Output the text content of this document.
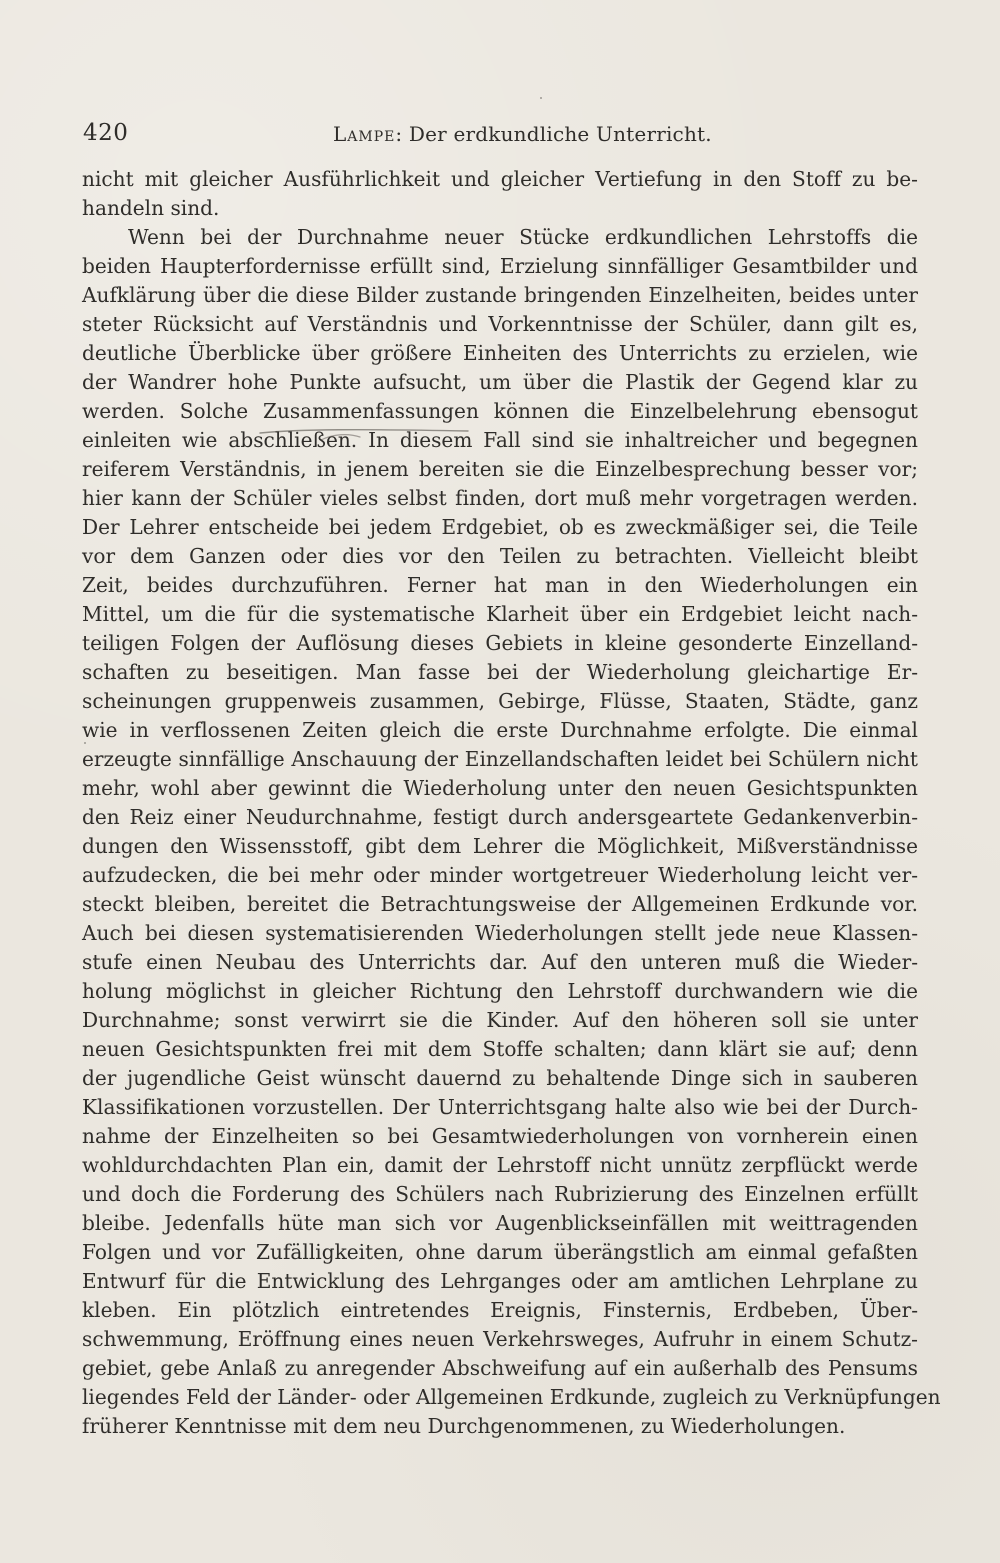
420	Lampe: Der erdkundliche Unterricht.
nicht mit gleicher Ausführlichkeit und gleicher Vertiefung in den Stoff zu be-
handeln sind.
Wenn bei der Durchnahme neuer Stücke erdkundlichen Lehrstoffs die
beiden Haupterfordernisse erfüllt sind, Erzielung sinnfälliger Gesamtbilder und
Aufklärung über die diese Bilder zustande bringenden Einzelheiten, beides unter
steter Rücksicht auf Verständnis und Vorkenntnisse der Schüler, dann gilt es,
deutliche Überblicke über größere Einheiten des Unterrichts zu erzielen, wie
der Wandrer hohe Punkte aufsucht, um über die Plastik der Gegend klar zu
werden. Solche Zusammenfassungen können die Einzelbelehrung ebensogut
einleiten wie abschließen. In diesem Fall sind sie inhaltreicher und begegnen
reiferem Verständnis, in jenem bereiten sie die Einzelbesprechung besser vor;
hier kann der Schüler vieles selbst finden, dort muß mehr vorgetragen werden.
Der Lehrer entscheide bei jedem Erdgebiet, ob es zweckmäßiger sei, die Teile
vor dem Ganzen oder dies vor den Teilen zu betrachten. Vielleicht bleibt
Zeit, beides durchzuführen. Ferner hat man in den Wiederholungen ein
Mittel, um die für die systematische Klarheit über ein Erdgebiet leicht nach-
teiligen Folgen der Auflösung dieses Gebiets in kleine gesonderte Einzelland-
schaften zu beseitigen. Man fasse bei der Wiederholung gleichartige Er-
scheinungen gruppenweis zusammen, Gebirge, Flüsse, Staaten, Städte, ganz
wie in verflossenen Zeiten gleich die erste Durchnahme erfolgte. Die einmal
erzeugte sinnfällige Anschauung der Einzellandschaften leidet bei Schülern nicht
mehr, wohl aber gewinnt die Wiederholung unter den neuen Gesichtspunkten
den Reiz einer Neudurchnahme, festigt durch andersgeartete Gedankenverbin-
dungen den Wissensstoff, gibt dem Lehrer die Möglichkeit, Mißverständnisse
aufzudecken, die bei mehr oder minder wortgetreuer Wiederholung leicht ver-
steckt bleiben, bereitet die Betrachtungsweise der Allgemeinen Erdkunde vor.
Auch bei diesen systematisierenden Wiederholungen stellt jede neue Klassen-
stufe einen Neubau des Unterrichts dar. Auf den unteren muß die Wieder-
holung möglichst in gleicher Richtung den Lehrstoff durchwandern wie die
Durchnahme; sonst verwirrt sie die Kinder. Auf den höheren soll sie unter
neuen Gesichtspunkten frei mit dem Stoffe schalten; dann klärt sie auf; denn
der jugendliche Geist wünscht dauernd zu behaltende Dinge sich in sauberen
Klassifikationen vorzustellen. Der Unterrichtsgang halte also wie bei der Durch-
nahme der Einzelheiten so bei Gesamtwiederholungen von vornherein einen
wohldurchdachten Plan ein, damit der Lehrstoff nicht unnütz zerpflückt werde
und doch die Forderung des Schülers nach Rubrizierung des Einzelnen erfüllt
bleibe. Jedenfalls hüte man sich vor Augenblickseinfällen mit weittragenden
Folgen und vor Zufälligkeiten, ohne darum überängstlich am einmal gefaßten
Entwurf für die Entwicklung des Lehrganges oder am amtlichen Lehrplane zu
kleben. Ein plötzlich eintretendes Ereignis, Finsternis, Erdbeben, Über-
schwemmung, Eröffnung eines neuen Verkehrsweges, Aufruhr in einem Schutz-
gebiet, gebe Anlaß zu anregender Abschweifung auf ein außerhalb des Pensums
liegendes Feld der Länder- oder Allgemeinen Erdkunde, zugleich zu Verknüpfungen
früherer Kenntnisse mit dem neu Durchgenommenen, zu Wiederholungen.
